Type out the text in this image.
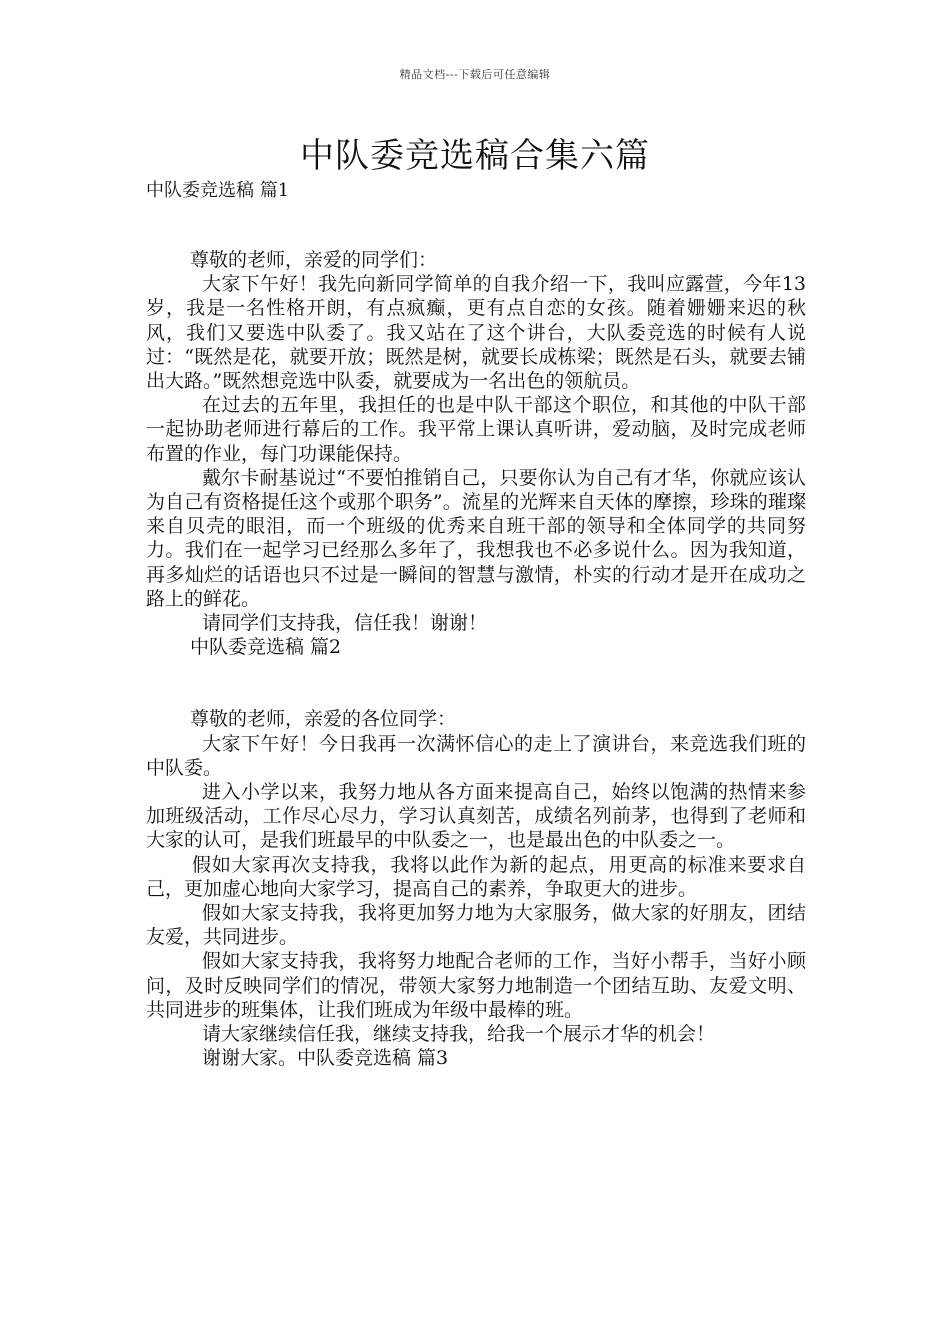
精品文档---下载后可任意编辑
中队委竞选稿合集六篇
中队委竞选稿 篇1

尊敬的老师，亲爱的同学们：

大家下午好！我先向新同学简单的自我介绍一下，我叫应露萱，今年13岁，我是一名性格开朗，有点疯癫，更有点自恋的女孩。随着姗姗来迟的秋风，我们又要选中队委了。我又站在了这个讲台，大队委竞选的时候有人说过：“既然是花，就要开放；既然是树，就要长成栋梁；既然是石头，就要去铺出大路。”既然想竞选中队委，就要成为一名出色的领航员。

在过去的五年里，我担任的也是中队干部这个职位，和其他的中队干部一起协助老师进行幕后的工作。我平常上课认真听讲，爱动脑，及时完成老师布置的作业，每门功课能保持。

戴尔卡耐基说过“不要怕推销自己，只要你认为自己有才华，你就应该认为自己有资格提任这个或那个职务”。流星的光辉来自天体的摩擦，珍珠的璀璨来自贝壳的眼泪，而一个班级的优秀来自班干部的领导和全体同学的共同努力。我们在一起学习已经那么多年了，我想我也不必多说什么。因为我知道，再多灿烂的话语也只不过是一瞬间的智慧与激情，朴实的行动才是开在成功之路上的鲜花。

请同学们支持我，信任我！谢谢！

中队委竞选稿 篇2

尊敬的老师，亲爱的各位同学：

大家下午好！今日我再一次满怀信心的走上了演讲台，来竞选我们班的中队委。

进入小学以来，我努力地从各方面来提高自己，始终以饱满的热情来参加班级活动，工作尽心尽力，学习认真刻苦，成绩名列前茅，也得到了老师和大家的认可，是我们班最早的中队委之一，也是最出色的中队委之一。

假如大家再次支持我，我将以此作为新的起点，用更高的标准来要求自己，更加虚心地向大家学习，提高自己的素养，争取更大的进步。

假如大家支持我，我将更加努力地为大家服务，做大家的好朋友，团结友爱，共同进步。

假如大家支持我，我将努力地配合老师的工作，当好小帮手，当好小顾问，及时反映同学们的情况，带领大家努力地制造一个团结互助、友爱文明、共同进步的班集体，让我们班成为年级中最棒的班。

请大家继续信任我，继续支持我，给我一个展示才华的机会！

谢谢大家。中队委竞选稿 篇3
